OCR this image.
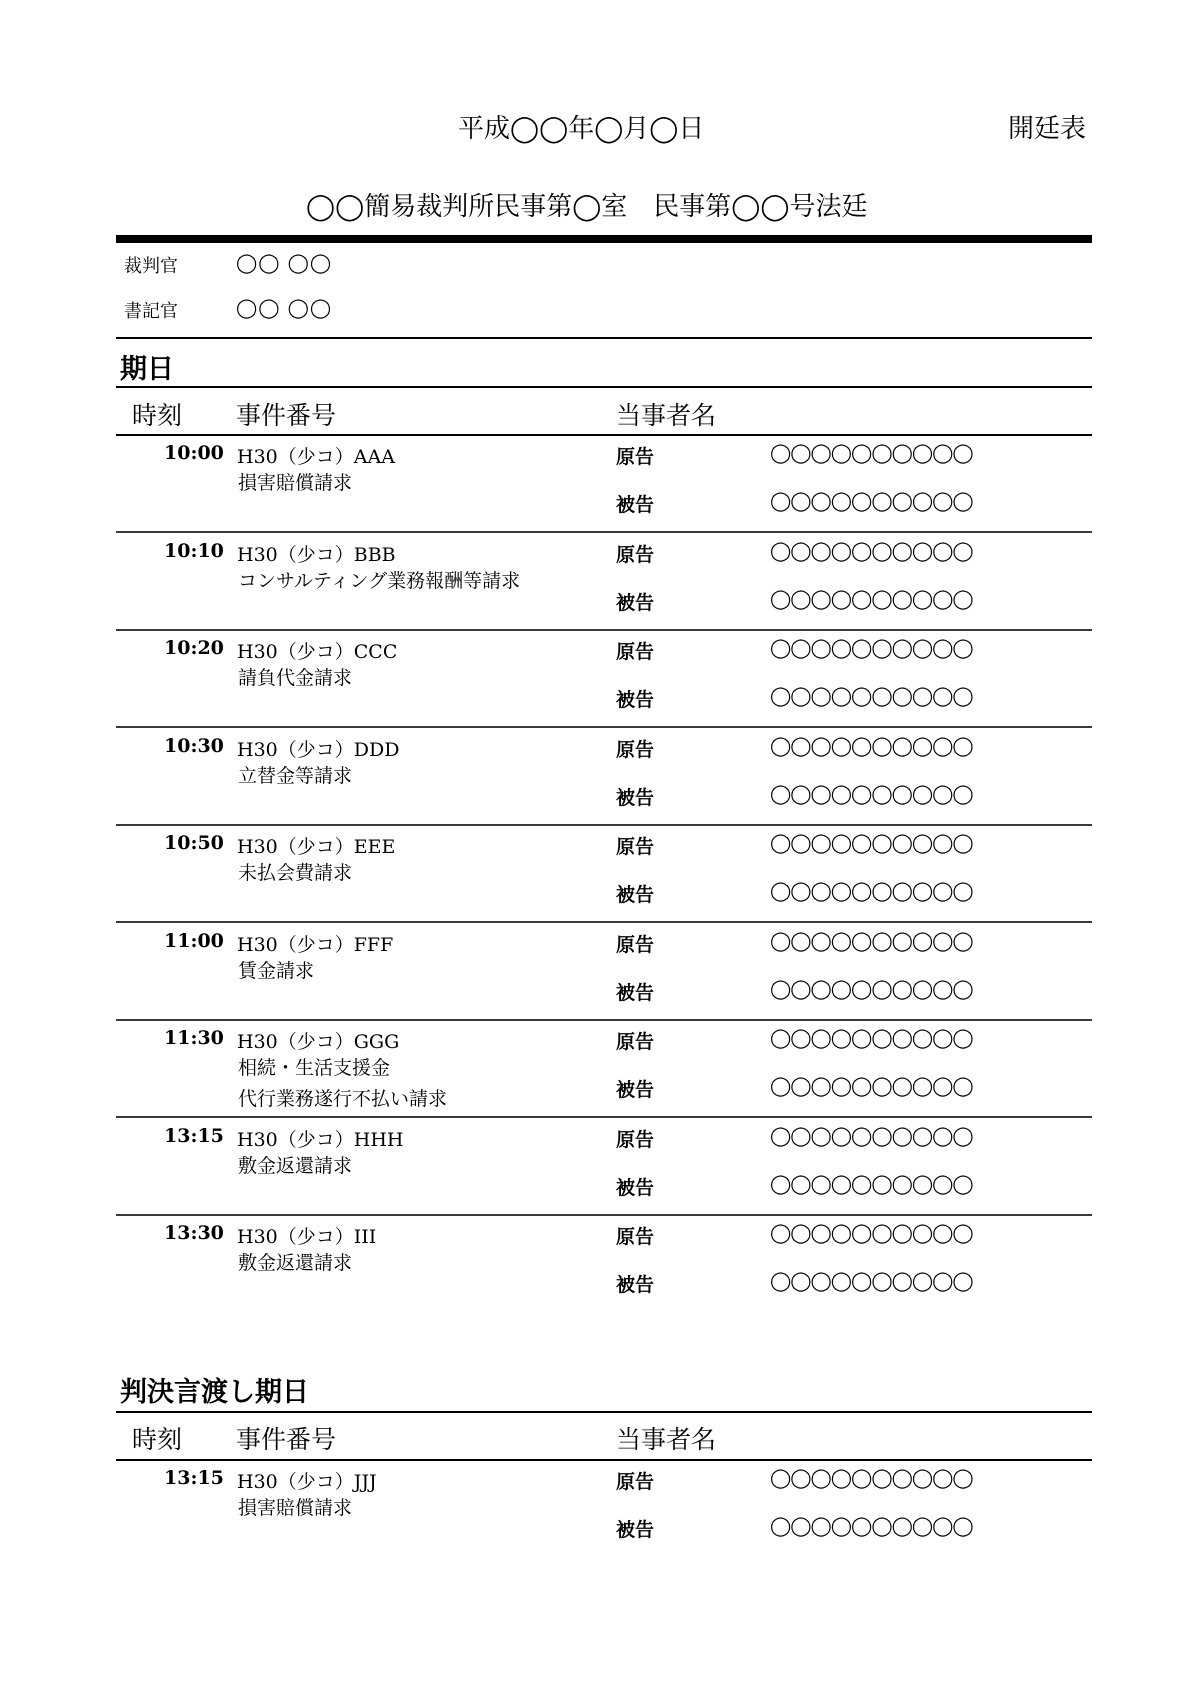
平成◯◯年◯月◯日	開廷表
◯◯簡易裁判所民事第◯室　民事第◯◯号法廷
裁判官	◯◯ ◯◯
書記官	◯◯ ◯◯
期日
時刻 事件番号	当事者名
10:00 H30（少コ）AAA
損害賠償請求
原告	◯◯◯◯◯◯◯◯◯◯
被告	◯◯◯◯◯◯◯◯◯◯
10:10 H30（少コ）BBB
コンサルティング業務報酬等請求
原告	◯◯◯◯◯◯◯◯◯◯
被告	◯◯◯◯◯◯◯◯◯◯
10:20 H30（少コ）CCC
請負代金請求
原告	◯◯◯◯◯◯◯◯◯◯
被告	◯◯◯◯◯◯◯◯◯◯
10:30 H30（少コ）DDD
立替金等請求
原告	◯◯◯◯◯◯◯◯◯◯
被告	◯◯◯◯◯◯◯◯◯◯
10:50 H30（少コ）EEE
未払会費請求
原告	◯◯◯◯◯◯◯◯◯◯
被告	◯◯◯◯◯◯◯◯◯◯
11:00 H30（少コ）FFF
賃金請求
原告	◯◯◯◯◯◯◯◯◯◯
被告	◯◯◯◯◯◯◯◯◯◯
11:30 H30（少コ）GGG
相続・生活支援金
代行業務遂行不払い請求
原告	◯◯◯◯◯◯◯◯◯◯
被告	◯◯◯◯◯◯◯◯◯◯
13:15 H30（少コ）HHH
敷金返還請求
原告	◯◯◯◯◯◯◯◯◯◯
被告	◯◯◯◯◯◯◯◯◯◯
13:30 H30（少コ）III
敷金返還請求
原告	◯◯◯◯◯◯◯◯◯◯
被告	◯◯◯◯◯◯◯◯◯◯
判決言渡し期日
時刻 事件番号	当事者名
13:15 H30（少コ）JJJ
損害賠償請求
原告	◯◯◯◯◯◯◯◯◯◯
被告	◯◯◯◯◯◯◯◯◯◯
